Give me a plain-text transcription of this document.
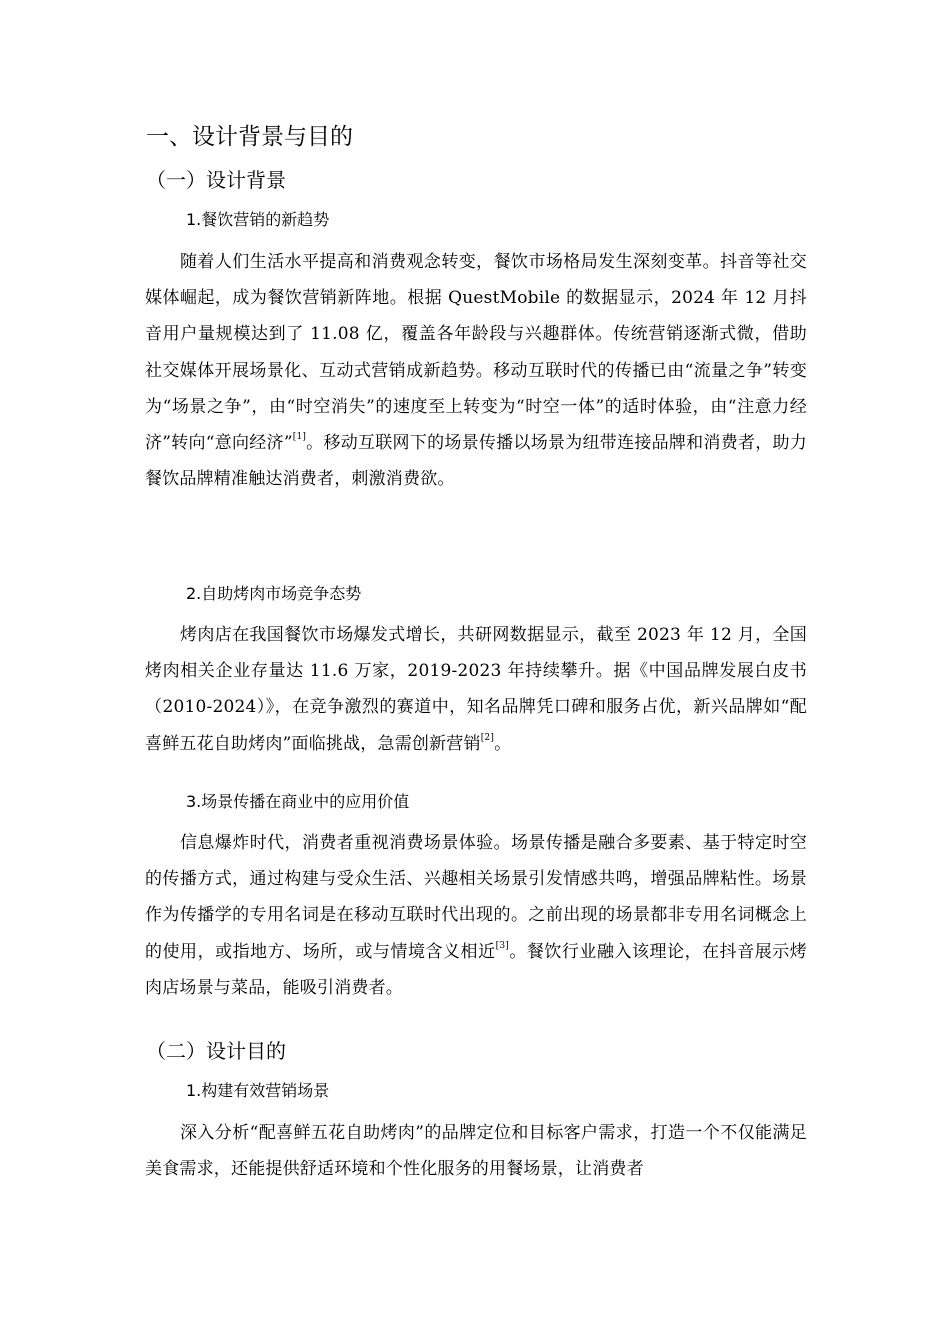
一、设计背景与目的
（一）设计背景
1.餐饮营销的新趋势

随着人们生活水平提高和消费观念转变，餐饮市场格局发生深刻变革。抖音等社交媒体崛起，成为餐饮营销新阵地。根据 QuestMobile 的数据显示，2024 年 12 月抖音用户量规模达到了 11.08 亿，覆盖各年龄段与兴趣群体。传统营销逐渐式微，借助社交媒体开展场景化、互动式营销成新趋势。移动互联时代的传播已由“流量之争”转变为“场景之争”，由“时空消失”的速度至上转变为“时空一体”的适时体验，由“注意力经济”转向“意向经济”[1]。移动互联网下的场景传播以场景为纽带连接品牌和消费者，助力餐饮品牌精准触达消费者，刺激消费欲。

2.自助烤肉市场竞争态势

烤肉店在我国餐饮市场爆发式增长，共研网数据显示，截至 2023 年 12 月，全国烤肉相关企业存量达 11.6 万家，2019-2023 年持续攀升。据《中国品牌发展白皮书（2010-2024）》，在竞争激烈的赛道中，知名品牌凭口碑和服务占优，新兴品牌如“配喜鲜五花自助烤肉”面临挑战，急需创新营销[2]。

3.场景传播在商业中的应用价值

信息爆炸时代，消费者重视消费场景体验。场景传播是融合多要素、基于特定时空的传播方式，通过构建与受众生活、兴趣相关场景引发情感共鸣，增强品牌粘性。场景作为传播学的专用名词是在移动互联时代出现的。之前出现的场景都非专用名词概念上的使用，或指地方、场所，或与情境含义相近[3]。餐饮行业融入该理论，在抖音展示烤肉店场景与菜品，能吸引消费者。

（二）设计目的
1.构建有效营销场景

深入分析“配喜鲜五花自助烤肉”的品牌定位和目标客户需求，打造一个不仅能满足美食需求，还能提供舒适环境和个性化服务的用餐场景，让消费者
